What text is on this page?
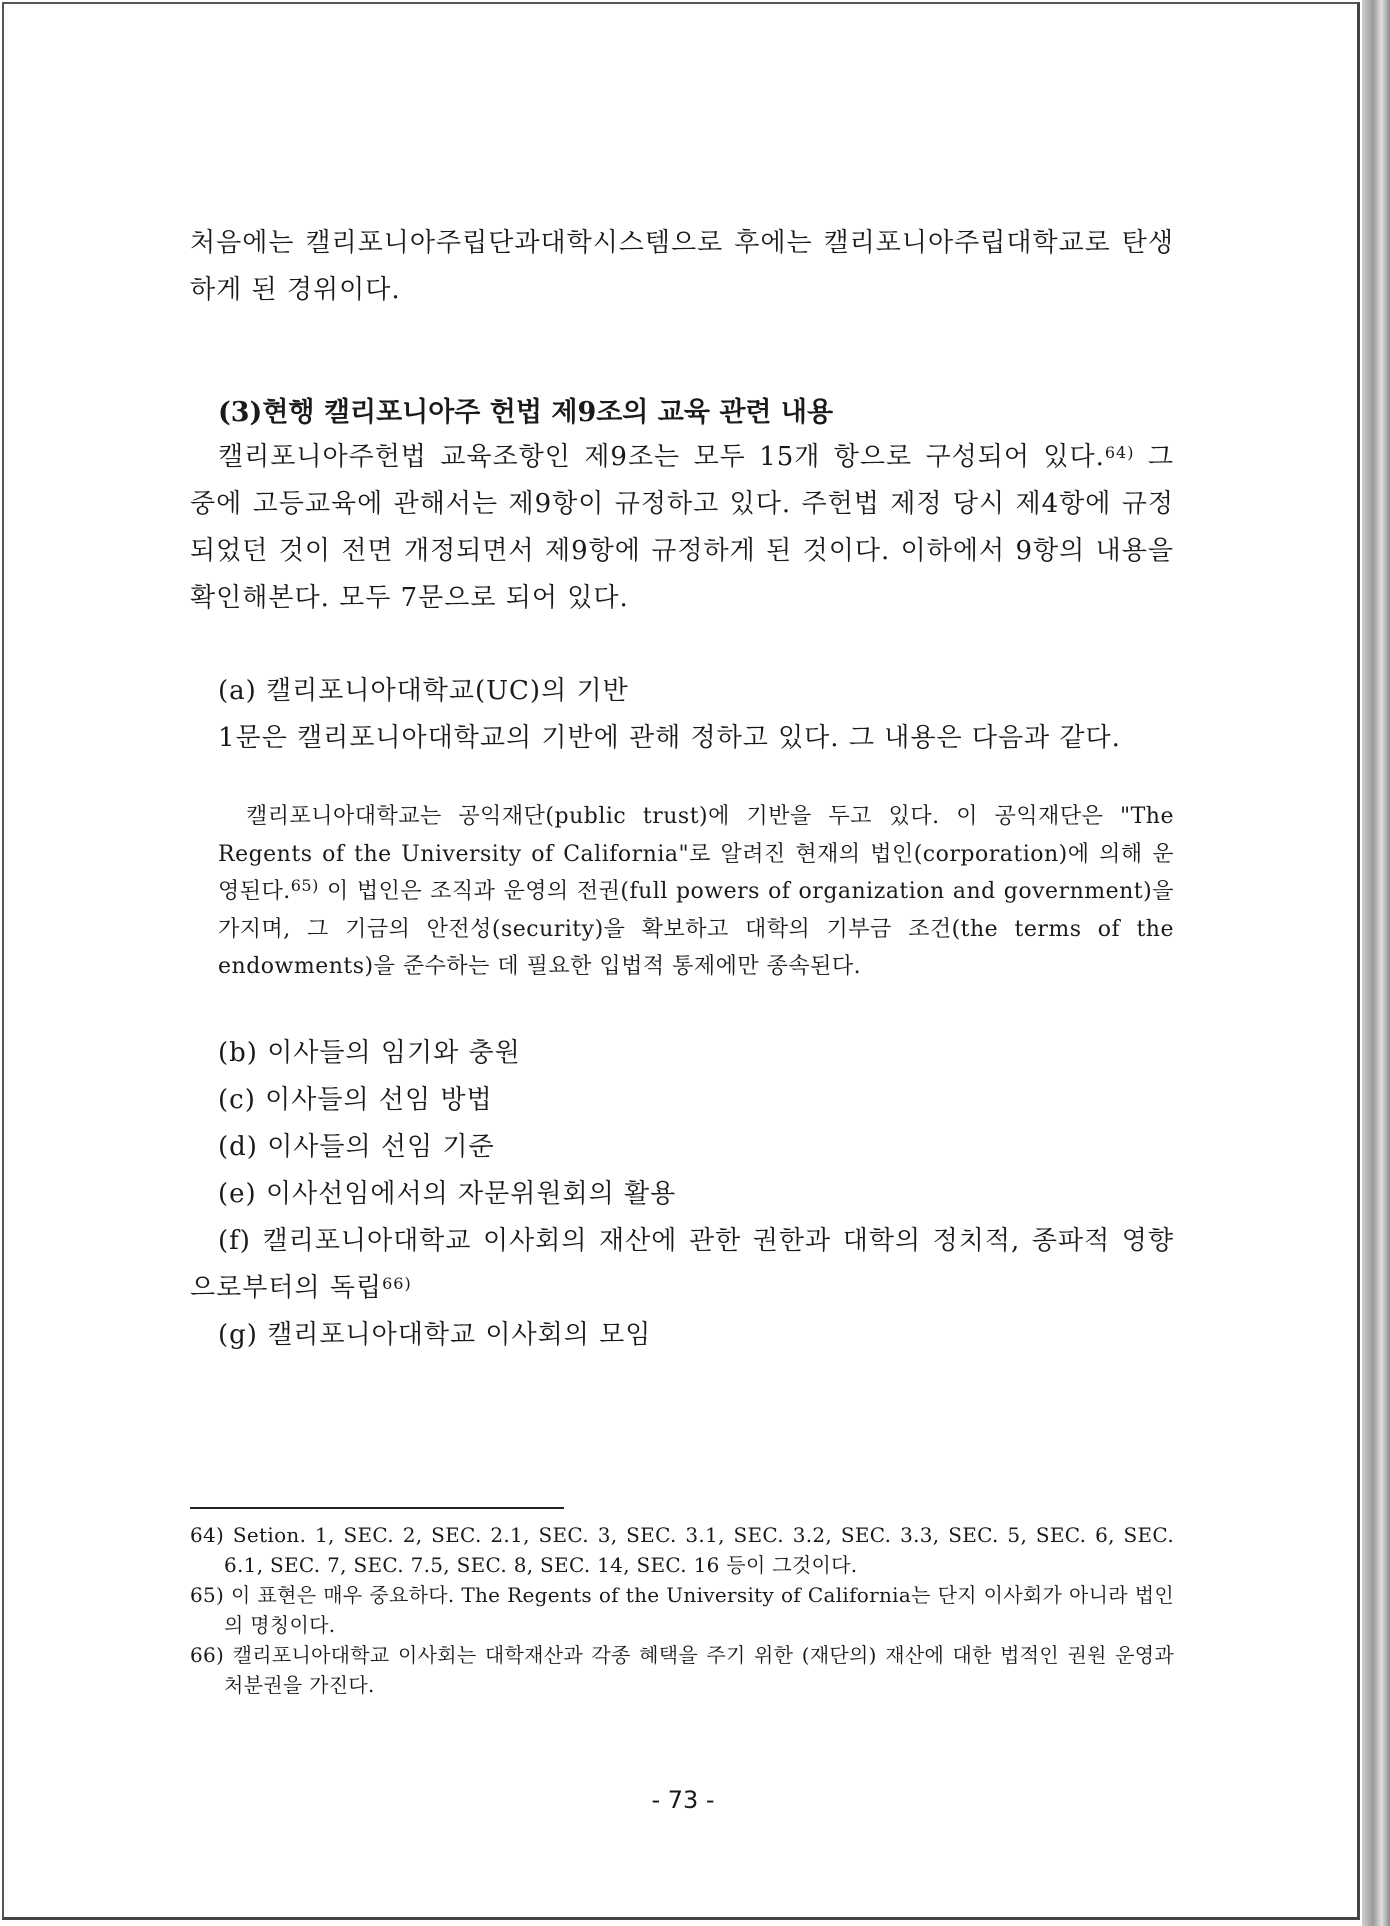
처음에는 캘리포니아주립단과대학시스템으로 후에는 캘리포니아주립대학교로 탄생하게 된 경위이다.

(3)현행 캘리포니아주 헌법 제9조의 교육 관련 내용

캘리포니아주헌법 교육조항인 제9조는 모두 15개 항으로 구성되어 있다.$^{64)}$ 그 중에 고등교육에 관해서는 제9항이 규정하고 있다. 주헌법 제정 당시 제4항에 규정되었던 것이 전면 개정되면서 제9항에 규정하게 된 것이다. 이하에서 9항의 내용을 확인해본다. 모두 7문으로 되어 있다.

(a) 캘리포니아대학교(UC)의 기반

1문은 캘리포니아대학교의 기반에 관해 정하고 있다. 그 내용은 다음과 같다.

캘리포니아대학교는 공익재단(public trust)에 기반을 두고 있다. 이 공익재단은 "The Regents of the University of California"로 알려진 현재의 법인(corporation)에 의해 운영된다.$^{65)}$ 이 법인은 조직과 운영의 전권(full powers of organization and government)을 가지며, 그 기금의 안전성(security)을 확보하고 대학의 기부금 조건(the terms of the endowments)을 준수하는 데 필요한 입법적 통제에만 종속된다.

(b) 이사들의 임기와 충원

(c) 이사들의 선임 방법

(d) 이사들의 선임 기준

(e) 이사선임에서의 자문위원회의 활용

(f) 캘리포니아대학교 이사회의 재산에 관한 권한과 대학의 정치적, 종파적 영향으로부터의 독립$^{66)}$

(g) 캘리포니아대학교 이사회의 모임

64) Setion. 1, SEC. 2, SEC. 2.1, SEC. 3, SEC. 3.1, SEC. 3.2, SEC. 3.3, SEC. 5, SEC. 6, SEC. 6.1, SEC. 7, SEC. 7.5, SEC. 8, SEC. 14, SEC. 16 등이 그것이다.

65) 이 표현은 매우 중요하다. The Regents of the University of California는 단지 이사회가 아니라 법인의 명칭이다.

66) 캘리포니아대학교 이사회는 대학재산과 각종 혜택을 주기 위한 (재단의) 재산에 대한 법적인 권원 운영과 처분권을 가진다.

- 73 -
